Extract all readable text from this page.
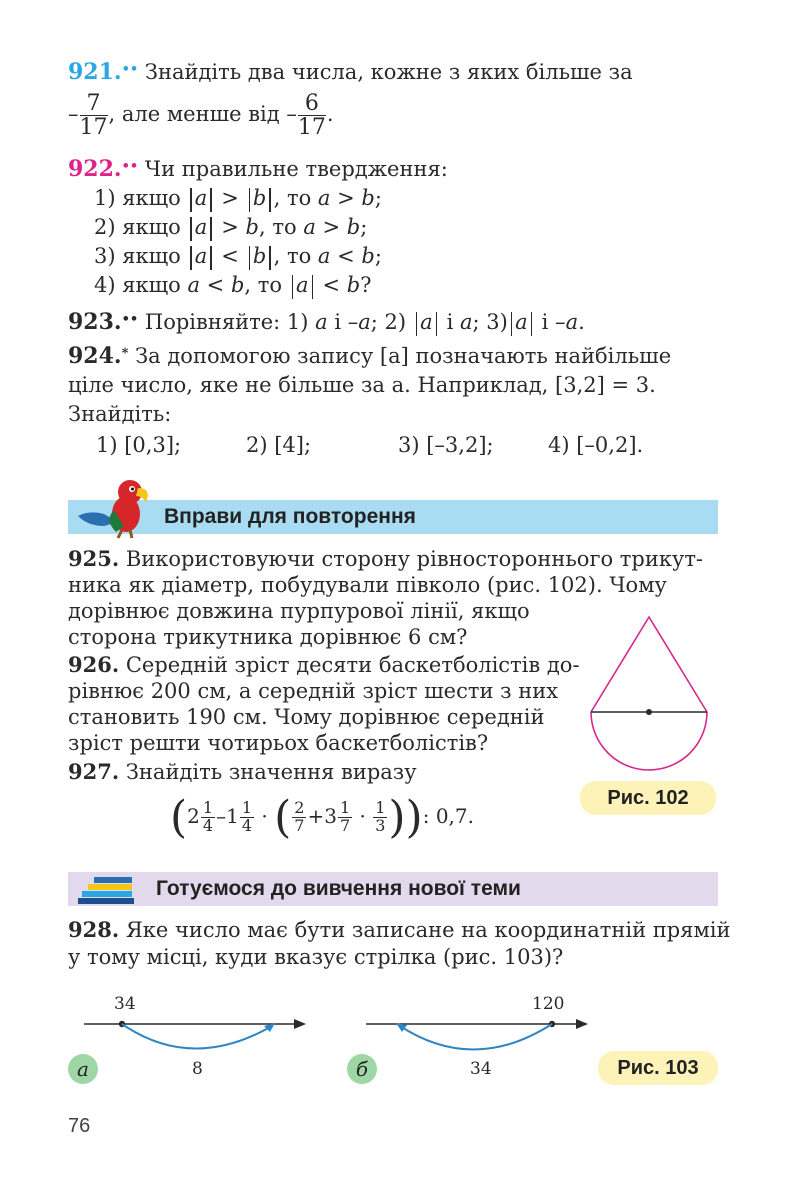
921.•• Знайдіть два числа, кожне з яких більше за
– $\frac{7}{17}$ , але менше від – $\frac{6}{17}$ .
922.•• Чи правильне твердження:
1) якщо a > b , то a > b;
2) якщо a > b, то a > b;
3) якщо a < b , то a < b;
4) якщо a < b, то a < b?
923.•• Порівняйте: 1) a і –a; 2) a і a; 3) a і –a.
924.* За допомогою запису [a] позначають найбільше
ціле число, яке не більше за a. Наприклад, [3,2] = 3.
Знайдіть:
1) [0,3];	2) [4];	3) [–3,2];	4) [–0,2].
Вправи для повторення
925. Використовуючи сторону рівностороннього трикут-
ника як діаметр, побудували півколо (рис. 102). Чому
дорівнює довжина пурпурової лінії, якщо
сторона трикутника дорівнює 6 см?
926. Середній зріст десяти баскетболістів до-
рівнює 200 см, а середній зріст шести з них
становить 190 см. Чому дорівнює середній
зріст решти чотирьох баскетболістів?
927. Знайдіть значення виразу
($2 \frac{1}{4} -1 \frac{1}{4}$ · ( $\frac{2}{7} +3 \frac{1}{7} \cdot \frac{1}{3}$ )): 0,7.
Рис. 102
Готуємося до вивчення нової теми
928. Яке число має бути записане на координатній прямій
у тому місці, куди вказує стрілка (рис. 103)?
34
8
а
120
34
б	Рис. 103
76
